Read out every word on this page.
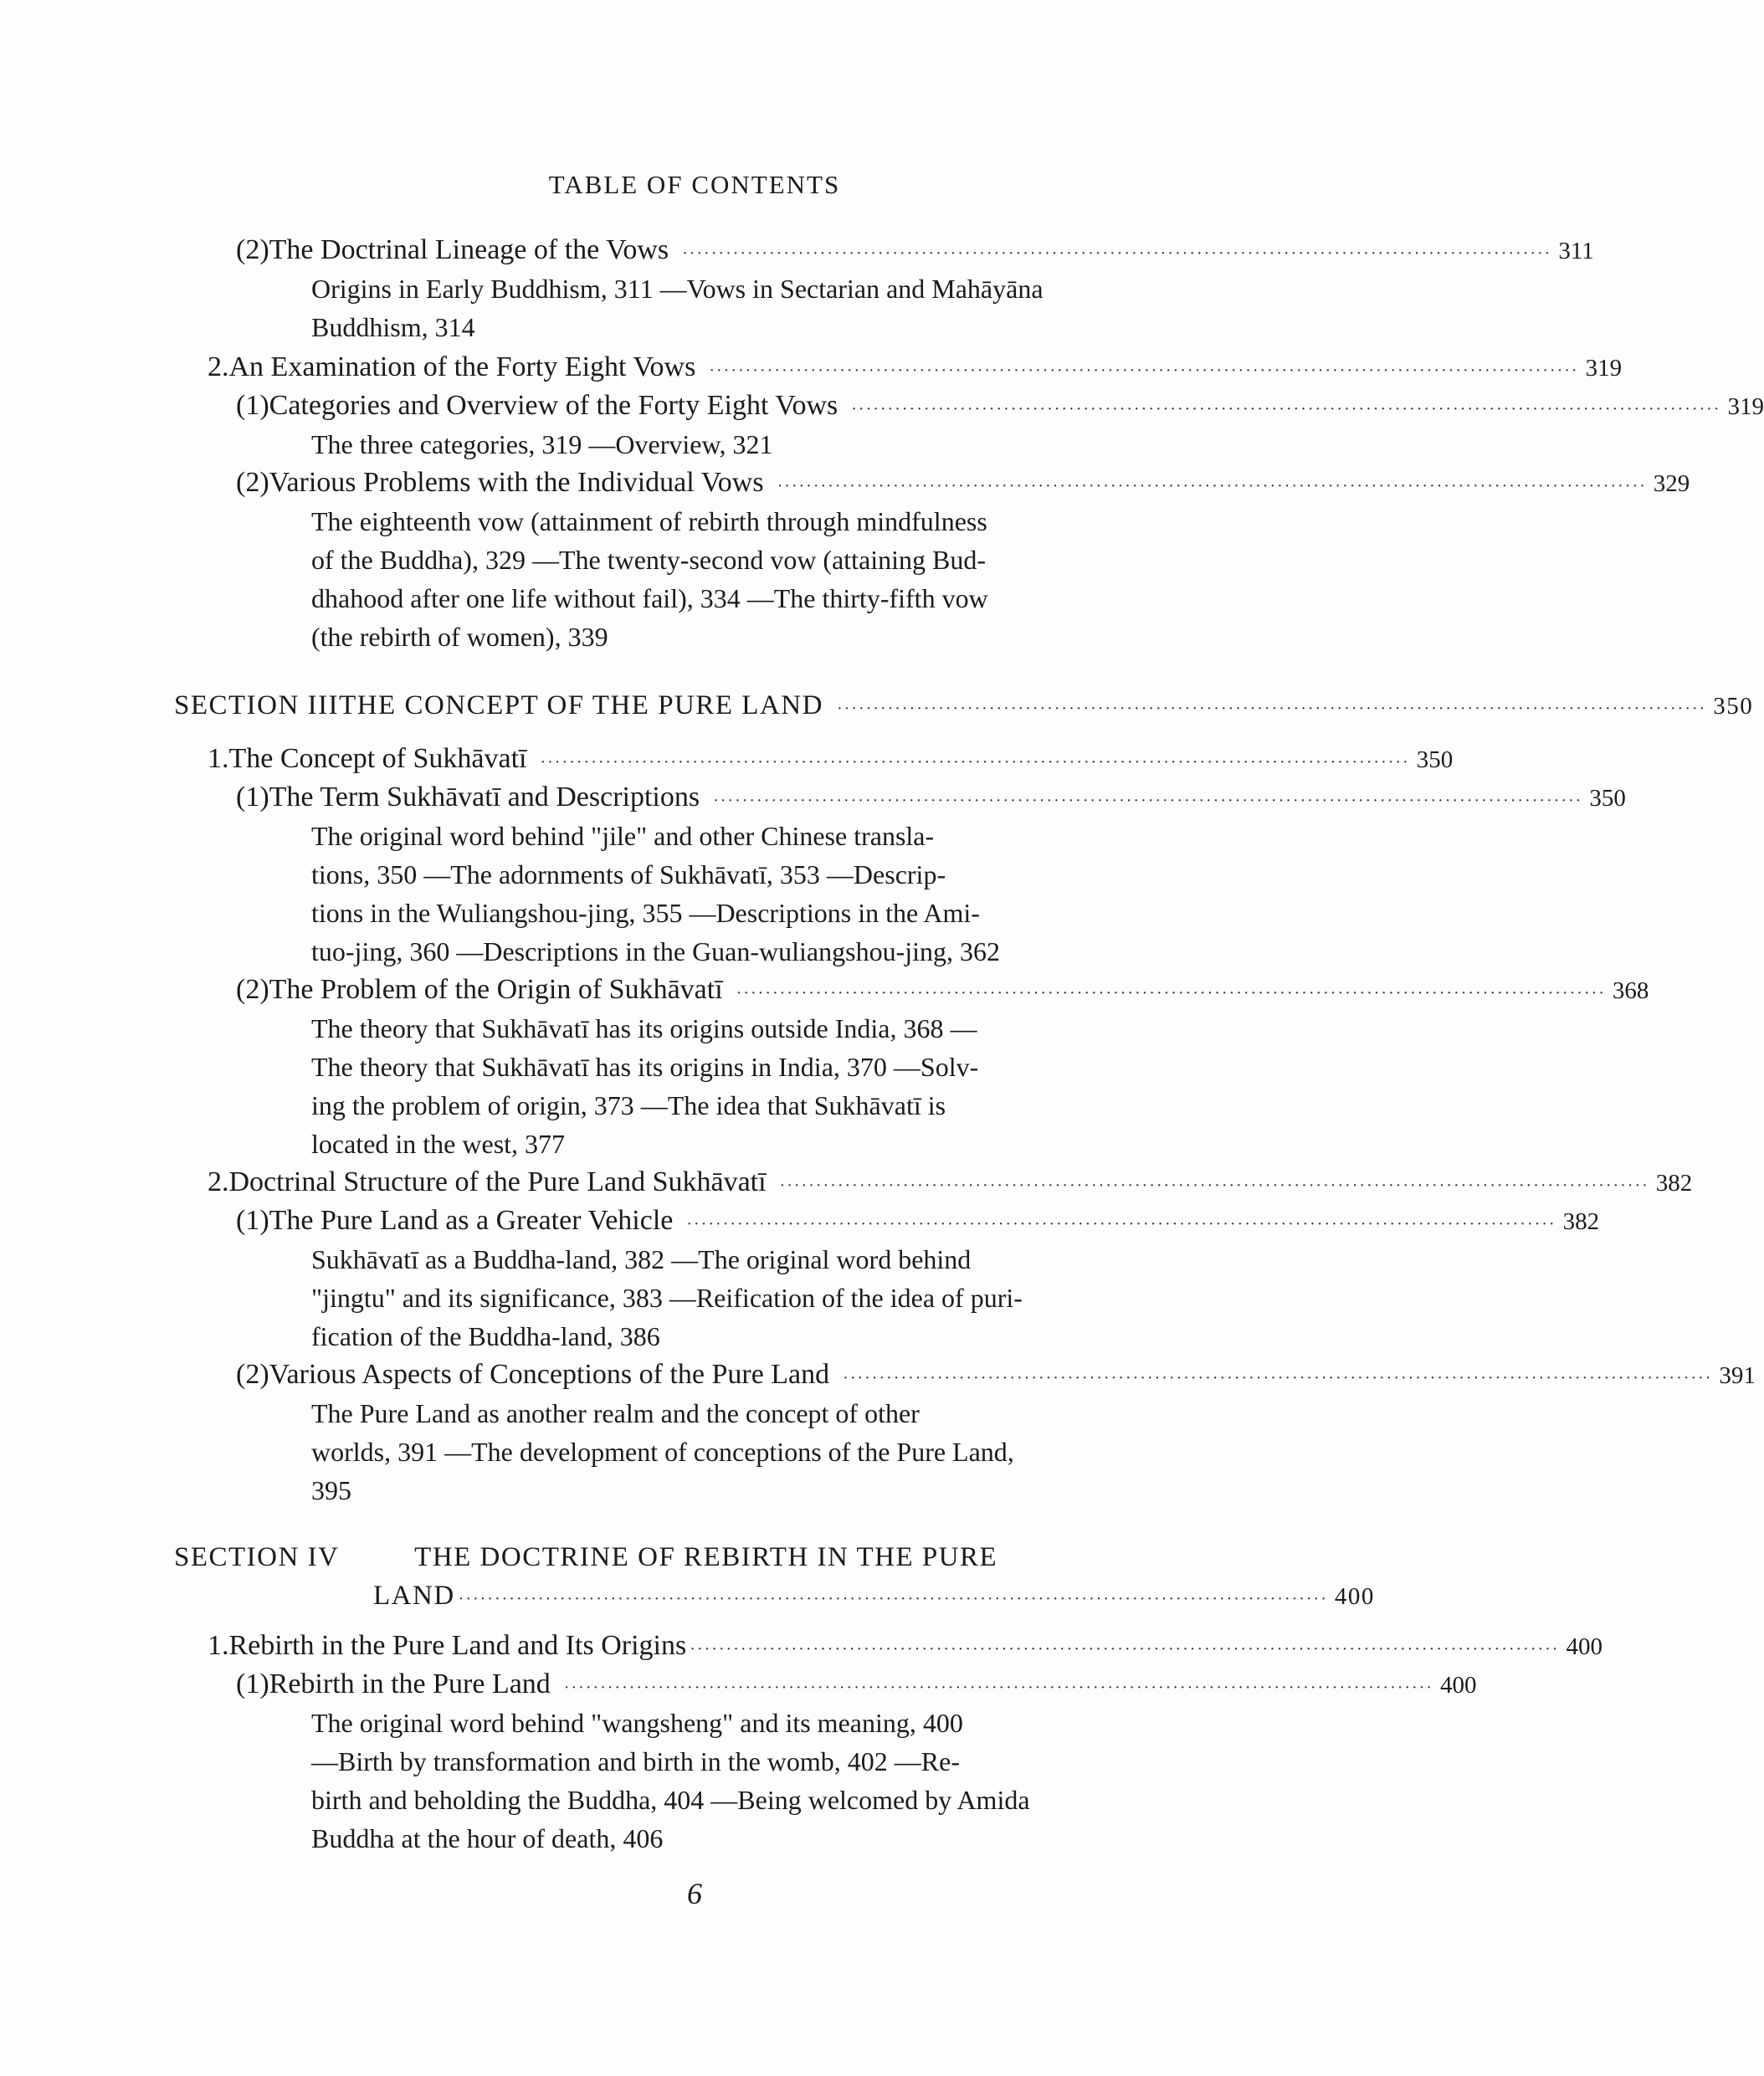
TABLE OF CONTENTS
(2) The Doctrinal Lineage of the Vows ························································································································ 311
Origins in Early Buddhism, 311 —Vows in Sectarian and Mahāyāna
Buddhism, 314
2. An Examination of the Forty Eight Vows ························································································································ 319
(1) Categories and Overview of the Forty Eight Vows ························································································································ 319
The three categories, 319 —Overview, 321
(2) Various Problems with the Individual Vows ························································································································ 329
The eighteenth vow (attainment of rebirth through mindfulness
of the Buddha), 329 —The twenty-second vow (attaining Bud-
dhahood after one life without fail), 334 —The thirty-fifth vow
(the rebirth of women), 339
SECTION III THE CONCEPT OF THE PURE LAND ························································································································ 350
1. The Concept of Sukhāvatī ························································································································ 350
(1) The Term Sukhāvatī and Descriptions ························································································································ 350
The original word behind "jile" and other Chinese transla-
tions, 350 —The adornments of Sukhāvatī, 353 —Descrip-
tions in the Wuliangshou-jing, 355 —Descriptions in the Ami-
tuo-jing, 360 —Descriptions in the Guan-wuliangshou-jing, 362
(2) The Problem of the Origin of Sukhāvatī ························································································································ 368
The theory that Sukhāvatī has its origins outside India, 368 —
The theory that Sukhāvatī has its origins in India, 370 —Solv-
ing the problem of origin, 373 —The idea that Sukhāvatī is
located in the west, 377
2. Doctrinal Structure of the Pure Land Sukhāvatī ························································································································ 382
(1) The Pure Land as a Greater Vehicle ························································································································ 382
Sukhāvatī as a Buddha-land, 382 —The original word behind
"jingtu" and its significance, 383 —Reification of the idea of puri-
fication of the Buddha-land, 386
(2) Various Aspects of Conceptions of the Pure Land ························································································································ 391
The Pure Land as another realm and the concept of other
worlds, 391 —The development of conceptions of the Pure Land,
395
SECTION IV	THE DOCTRINE OF REBIRTH IN THE PURE
LAND ························································································································ 400
1. Rebirth in the Pure Land and Its Origins ························································································································ 400
(1) Rebirth in the Pure Land ························································································································ 400
The original word behind "wangsheng" and its meaning, 400
—Birth by transformation and birth in the womb, 402 —Re-
birth and beholding the Buddha, 404 —Being welcomed by Amida
Buddha at the hour of death, 406
6
